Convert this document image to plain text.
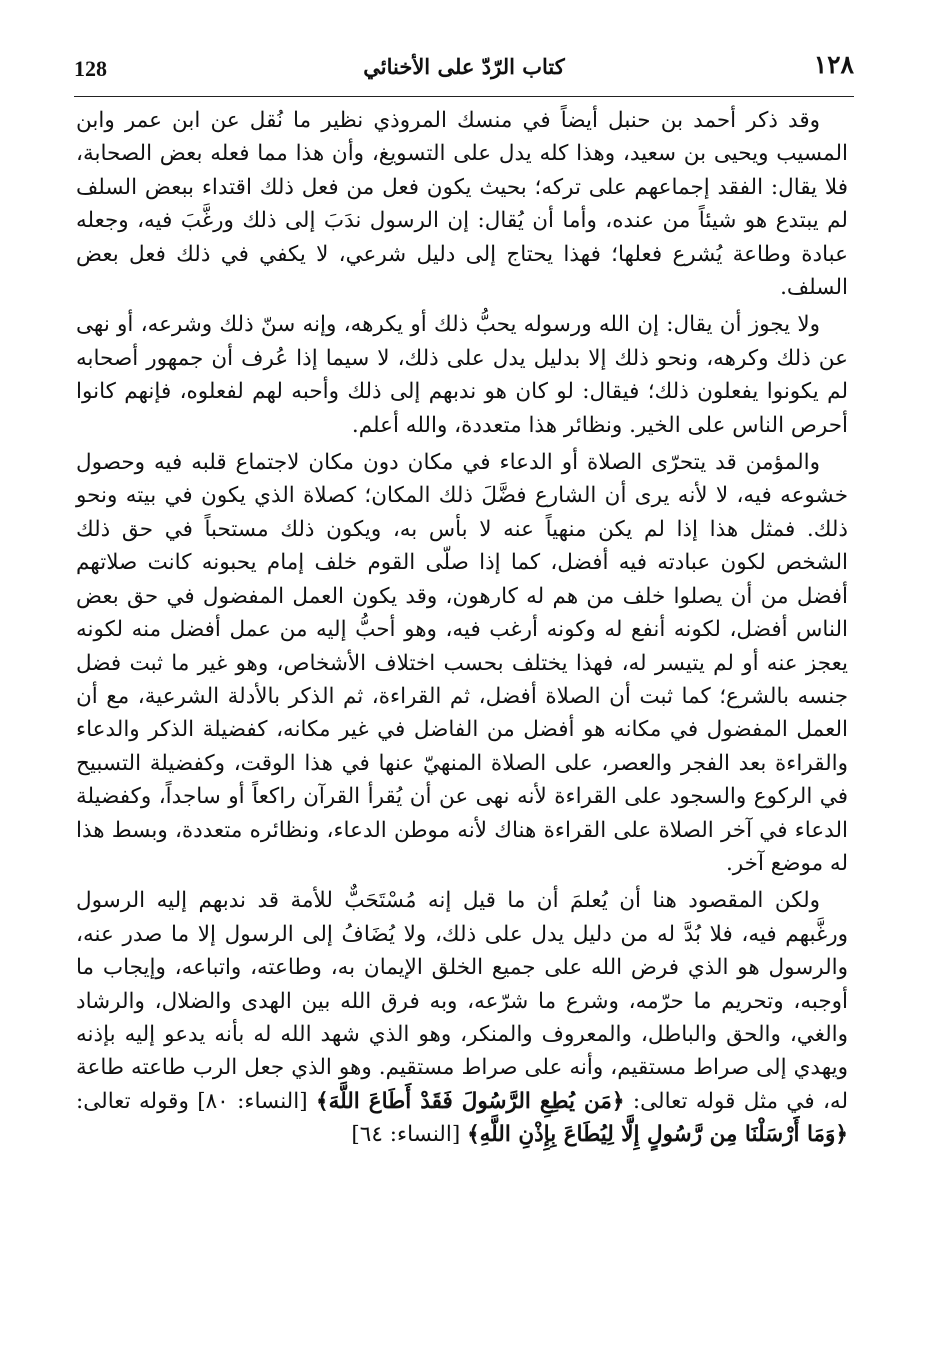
128	كتاب الرّدّ على الأخنائي	١٢٨

وقد ذكر أحمد بن حنبل أيضاً في منسك المروذي نظير ما نُقل عن ابن عمر وابن المسيب ويحيى بن سعيد، وهذا كله يدل على التسويغ، وأن هذا مما فعله بعض الصحابة، فلا يقال: الفقد إجماعهم على تركه؛ بحيث يكون فعل من فعل ذلك اقتداء ببعض السلف لم يبتدع هو شيئاً من عنده، وأما أن يُقال: إن الرسول ندَبَ إلى ذلك ورغَّبَ فيه، وجعله عبادة وطاعة يُشرع فعلها؛ فهذا يحتاج إلى دليل شرعي، لا يكفي في ذلك فعل بعض السلف.

ولا يجوز أن يقال: إن الله ورسوله يحبُّ ذلك أو يكرهه، وإنه سنّ ذلك وشرعه، أو نهى عن ذلك وكرهه، ونحو ذلك إلا بدليل يدل على ذلك، لا سيما إذا عُرف أن جمهور أصحابه لم يكونوا يفعلون ذلك؛ فيقال: لو كان هو ندبهم إلى ذلك وأحبه لهم لفعلوه، فإنهم كانوا أحرص الناس على الخير. ونظائر هذا متعددة، والله أعلم.

والمؤمن قد يتحرّى الصلاة أو الدعاء في مكان دون مكان لاجتماع قلبه فيه وحصول خشوعه فيه، لا لأنه يرى أن الشارع فضَّلَ ذلك المكان؛ كصلاة الذي يكون في بيته ونحو ذلك. فمثل هذا إذا لم يكن منهياً عنه لا بأس به، ويكون ذلك مستحباً في حق ذلك الشخص لكون عبادته فيه أفضل، كما إذا صلّى القوم خلف إمام يحبونه كانت صلاتهم أفضل من أن يصلوا خلف من هم له كارهون، وقد يكون العمل المفضول في حق بعض الناس أفضل، لكونه أنفع له وكونه أرغب فيه، وهو أحبُّ إليه من عمل أفضل منه لكونه يعجز عنه أو لم يتيسر له، فهذا يختلف بحسب اختلاف الأشخاص، وهو غير ما ثبت فضل جنسه بالشرع؛ كما ثبت أن الصلاة أفضل، ثم القراءة، ثم الذكر بالأدلة الشرعية، مع أن العمل المفضول في مكانه هو أفضل من الفاضل في غير مكانه، كفضيلة الذكر والدعاء والقراءة بعد الفجر والعصر، على الصلاة المنهيّ عنها في هذا الوقت، وكفضيلة التسبيح في الركوع والسجود على القراءة لأنه نهى عن أن يُقرأ القرآن راكعاً أو ساجداً، وكفضيلة الدعاء في آخر الصلاة على القراءة هناك لأنه موطن الدعاء، ونظائره متعددة، وبسط هذا له موضع آخر.

ولكن المقصود هنا أن يُعلمَ أن ما قيل إنه مُسْتَحَبٌّ للأمة قد ندبهم إليه الرسول ورغَّبهم فيه، فلا بُدَّ له من دليل يدل على ذلك، ولا يُضَافُ إلى الرسول إلا ما صدر عنه، والرسول هو الذي فرض الله على جميع الخلق الإيمان به، وطاعته، واتباعه، وإيجاب ما أوجبه، وتحريم ما حرّمه، وشرع ما شرّعه، وبه فرق الله بين الهدى والضلال، والرشاد والغي، والحق والباطل، والمعروف والمنكر، وهو الذي شهد الله له بأنه يدعو إليه بإذنه ويهدي إلى صراط مستقيم، وأنه على صراط مستقيم. وهو الذي جعل الرب طاعته طاعة له، في مثل قوله تعالى: ﴿مَن يُطِعِ الرَّسُولَ فَقَدْ أَطَاعَ اللَّهَ﴾ [النساء: ٨٠] وقوله تعالى: ﴿وَمَا أَرْسَلْنَا مِن رَّسُولٍ إِلَّا لِيُطَاعَ بِإِذْنِ اللَّهِ﴾ [النساء: ٦٤]
